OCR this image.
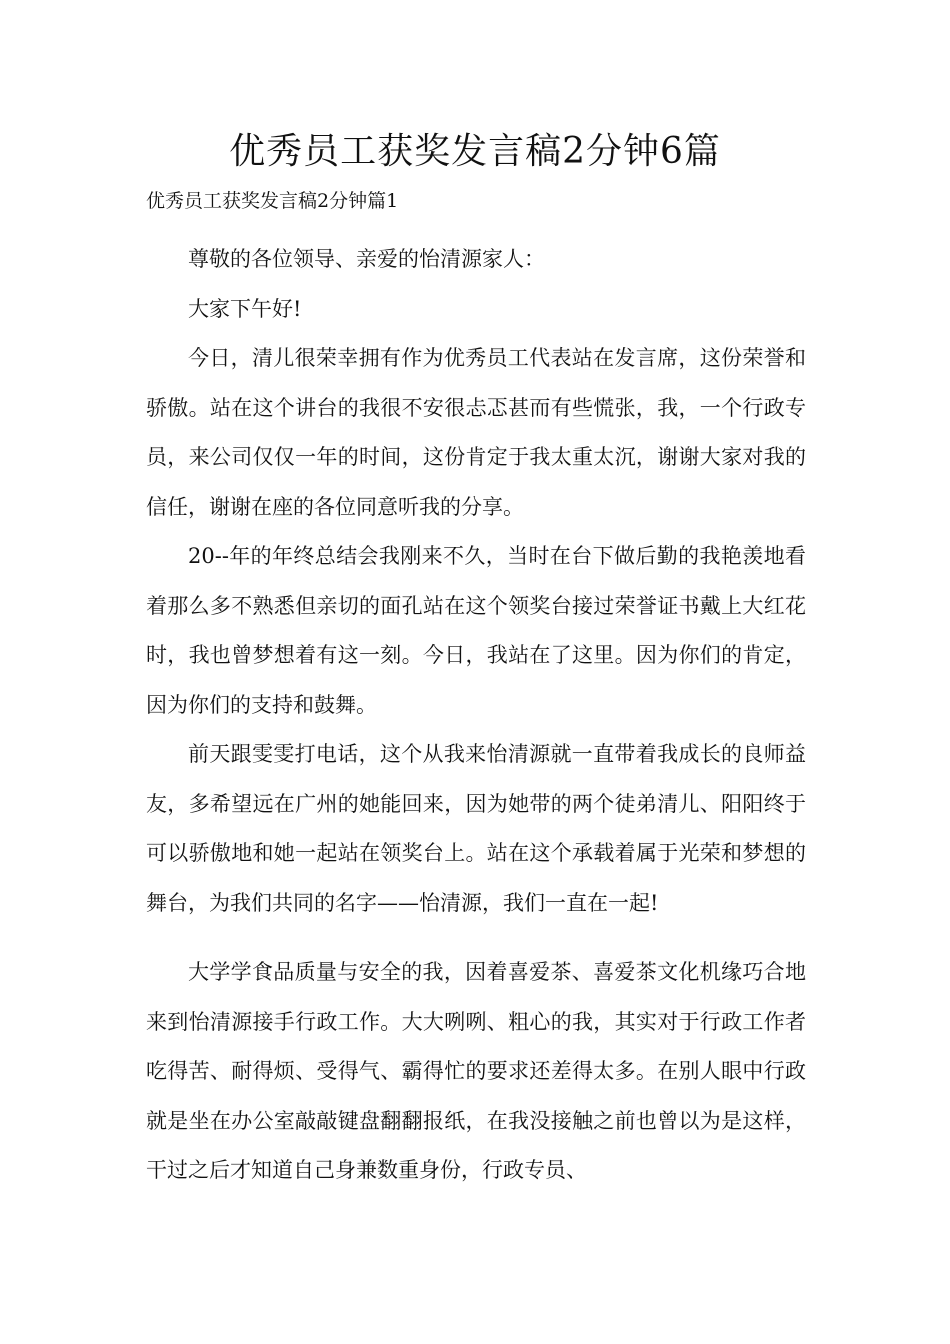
优秀员工获奖发言稿2分钟6篇
优秀员工获奖发言稿2分钟篇1

尊敬的各位领导、亲爱的怡清源家人：

大家下午好!

今日，清儿很荣幸拥有作为优秀员工代表站在发言席，这份荣誉和骄傲。站在这个讲台的我很不安很忐忑甚而有些慌张，我，一个行政专员，来公司仅仅一年的时间，这份肯定于我太重太沉，谢谢大家对我的信任，谢谢在座的各位同意听我的分享。

20--年的年终总结会我刚来不久，当时在台下做后勤的我艳羡地看着那么多不熟悉但亲切的面孔站在这个领奖台接过荣誉证书戴上大红花时，我也曾梦想着有这一刻。今日，我站在了这里。因为你们的肯定，因为你们的支持和鼓舞。

前天跟雯雯打电话，这个从我来怡清源就一直带着我成长的良师益友，多希望远在广州的她能回来，因为她带的两个徒弟清儿、阳阳终于可以骄傲地和她一起站在领奖台上。站在这个承载着属于光荣和梦想的舞台，为我们共同的名字——怡清源，我们一直在一起!

大学学食品质量与安全的我，因着喜爱茶、喜爱茶文化机缘巧合地来到怡清源接手行政工作。大大咧咧、粗心的我，其实对于行政工作者吃得苦、耐得烦、受得气、霸得忙的要求还差得太多。在别人眼中行政就是坐在办公室敲敲键盘翻翻报纸，在我没接触之前也曾以为是这样，干过之后才知道自己身兼数重身份，行政专员、
